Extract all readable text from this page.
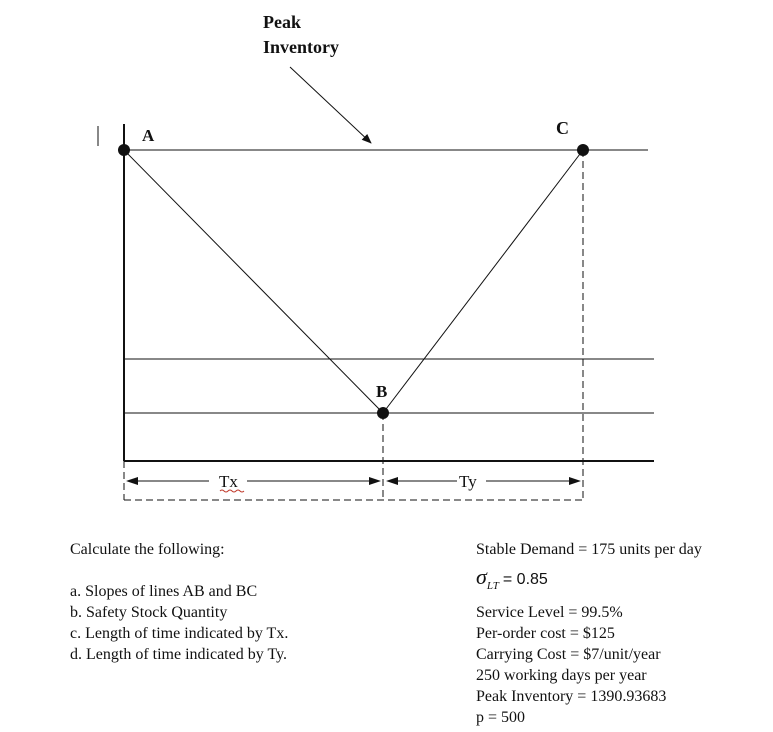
Peak
Inventory
Tx	Ty
A
B
C
Calculate the following:
a. Slopes of lines AB and BC
b. Safety Stock Quantity
c. Length of time indicated by Tx.
d. Length of time indicated by Ty.
Stable Demand = 175 units per day
$\sigma_{LT} = 0.85$
Service Level = 99.5%
Per-order cost = $125
Carrying Cost = $7/unit/year
250 working days per year
Peak Inventory = 1390.93683
p = 500
